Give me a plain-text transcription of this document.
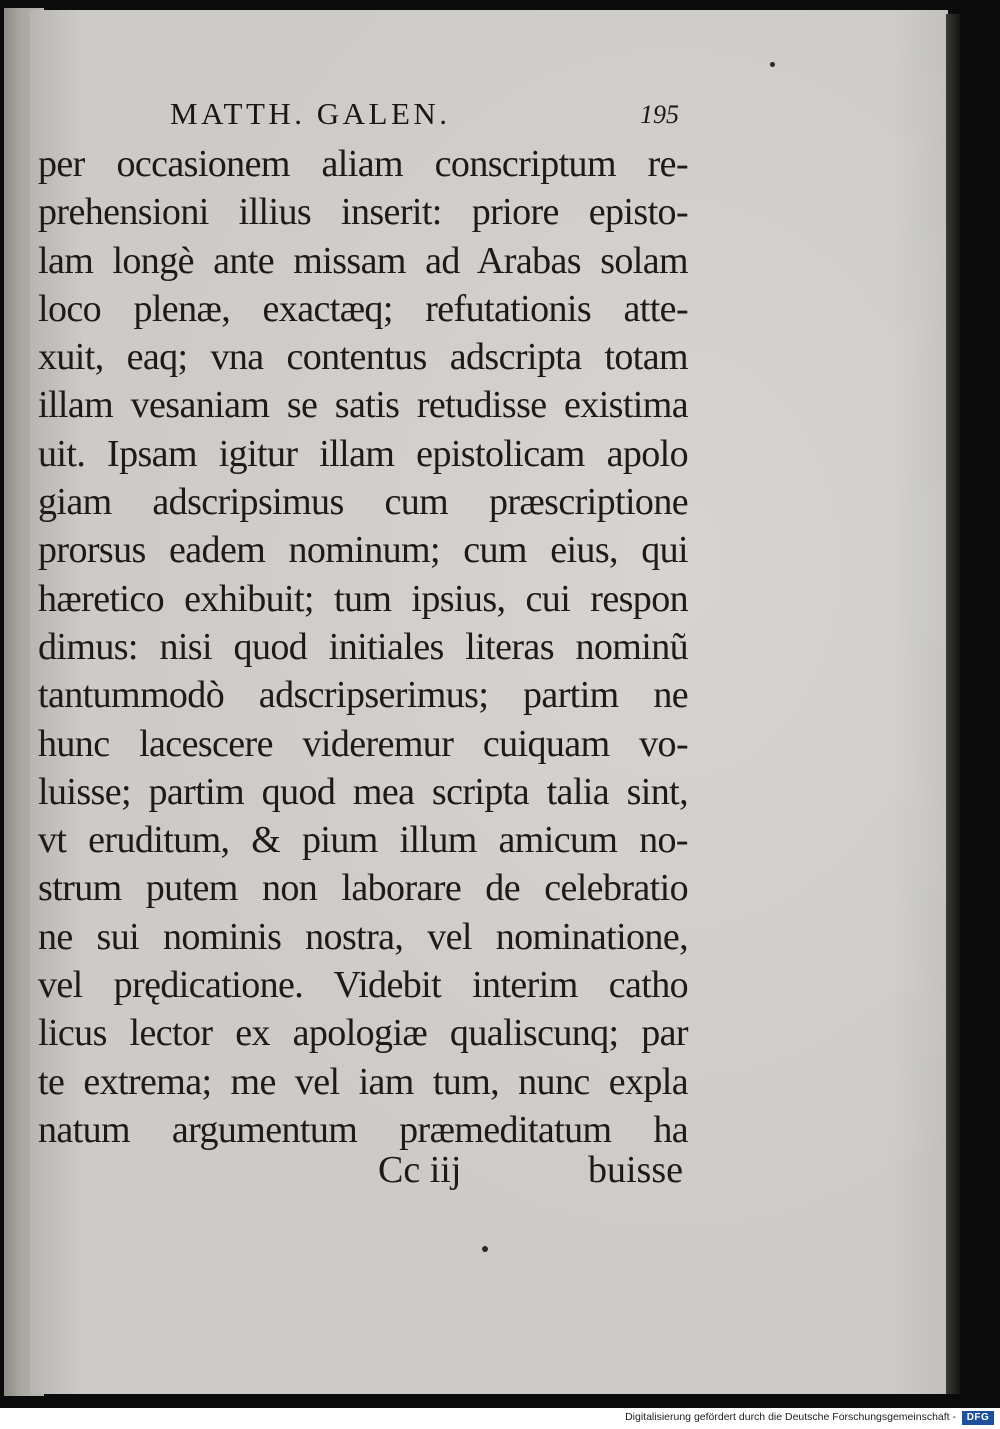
MATTH. GALEN.	195
per occasionem aliam conscriptum re-
prehensioni illius inserit: priore episto-
lam longè ante missam ad Arabas solam
loco plenæ, exactæq; refutationis atte-
xuit, eaq; vna contentus adscripta totam
illam vesaniam se satis retudisse existima
uit. Ipsam igitur illam epistolicam apolo
giam adscripsimus cum præscriptione
prorsus eadem nominum; cum eius, qui
hæretico exhibuit; tum ipsius, cui respon
dimus: nisi quod initiales literas nominũ
tantummodò adscripserimus; partim ne
hunc lacescere videremur cuiquam vo-
luisse; partim quod mea scripta talia sint,
vt eruditum, & pium illum amicum no-
strum putem non laborare de celebratio
ne sui nominis nostra, vel nominatione,
vel prędicatione. Videbit interim catho
licus lector ex apologiæ qualiscunq; par
te extrema; me vel iam tum, nunc expla
natum argumentum præmeditatum ha
Cc iij	buisse
Digitalisierung gefördert durch die Deutsche Forschungsgemeinschaft -	DFG
